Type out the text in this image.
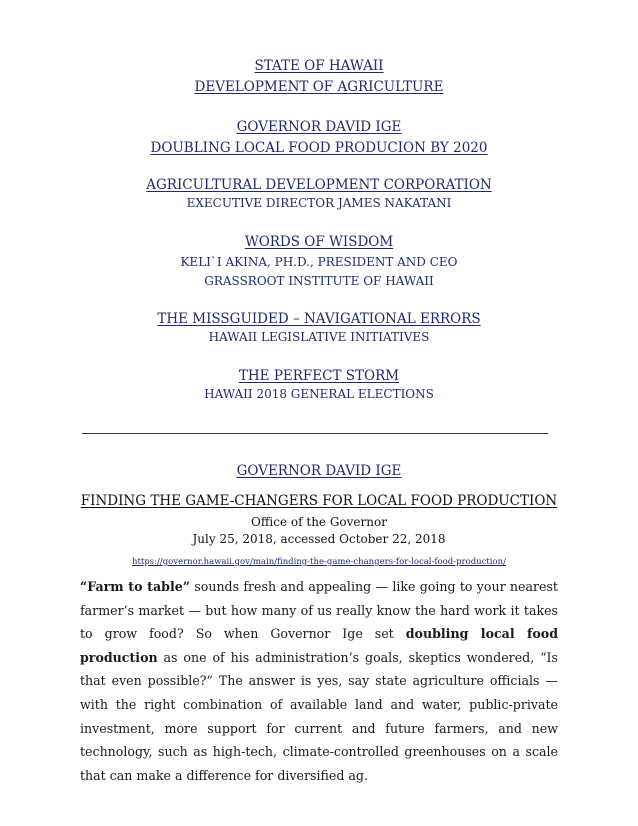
STATE OF HAWAII
DEVELOPMENT OF AGRICULTURE
GOVERNOR DAVID IGE
DOUBLING LOCAL FOOD PRODUCION BY 2020
AGRICULTURAL DEVELOPMENT CORPORATION
EXECUTIVE DIRECTOR JAMES NAKATANI
WORDS OF WISDOM
KELI`I AKINA, PH.D., PRESIDENT AND CEO
GRASSROOT INSTITUTE OF HAWAII
THE MISSGUIDED – NAVIGATIONAL ERRORS
HAWAII LEGISLATIVE INITIATIVES
THE PERFECT STORM
HAWAII 2018 GENERAL ELECTIONS
GOVERNOR DAVID IGE
FINDING THE GAME-CHANGERS FOR LOCAL FOOD PRODUCTION
Office of the Governor
July 25, 2018, accessed October 22, 2018
https://governor.hawaii.gov/main/finding-the-game-changers-for-local-food-production/
“Farm to table” sounds fresh and appealing — like going to your nearest farmer’s market — but how many of us really know the hard work it takes to grow food? So when Governor Ige set doubling local food production as one of his administration’s goals, skeptics wondered, “Is that even possible?” The answer is yes, say state agriculture officials — with the right combination of available land and water, public-private investment, more support for current and future farmers, and new technology, such as high-tech, climate-controlled greenhouses on a scale that can make a difference for diversified ag.
